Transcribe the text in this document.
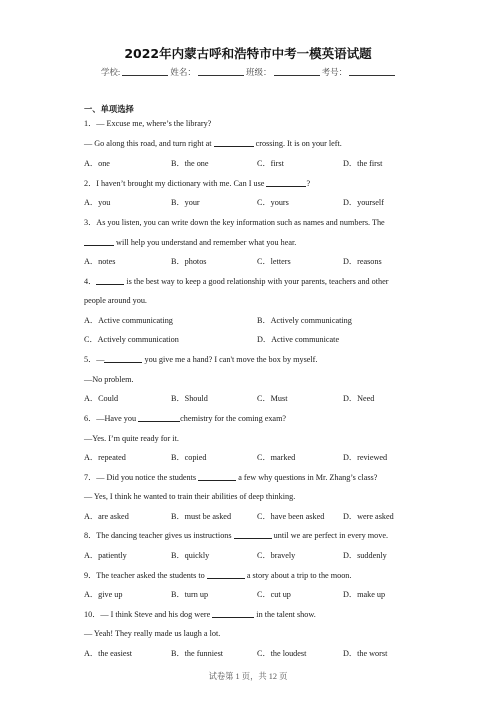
2022年内蒙古呼和浩特市中考一模英语试题
学校:	姓名：	班级：	考号：
一、单项选择
1．— Excuse me, where’s the library?
— Go along this road, and turn right at	crossing. It is on your left.
A．one	B．the one	C．first	D．the first
2．I haven’t brought my dictionary with me. Can I use	?
A．you	B．your	C．yours	D．yourself
3．As you listen, you can write down the key information such as names and numbers. The
will help you understand and remember what you hear.
A．notes	B．photos	C．letters	D．reasons
4．	is the best way to keep a good relationship with your parents, teachers and other
people around you.
A．Active communicating	B．Actively communicating
C．Actively communication	D．Active communicate
5．—	you give me a hand? I can't move the box by myself.
—No problem.
A．Could	B．Should	C．Must	D．Need
6．—Have you	chemistry for the coming exam?
—Yes. I’m quite ready for it.
A．repeated	B．copied	C．marked	D．reviewed
7．— Did you notice the students	a few why questions in Mr. Zhang’s class?
— Yes, I think he wanted to train their abilities of deep thinking.
A．are asked	B．must be asked	C．have been asked D．were asked
8．The dancing teacher gives us instructions	until we are perfect in every move.
A．patiently	B．quickly	C．bravely	D．suddenly
9．The teacher asked the students to	a story about a trip to the moon.
A．give up	B．turn up	C．cut up	D．make up
10．— I think Steve and his dog were	in the talent show.
— Yeah! They really made us laugh a lot.
A．the easiest	B．the funniest	C．the loudest	D．the worst
试卷第 1 页，共 12 页
